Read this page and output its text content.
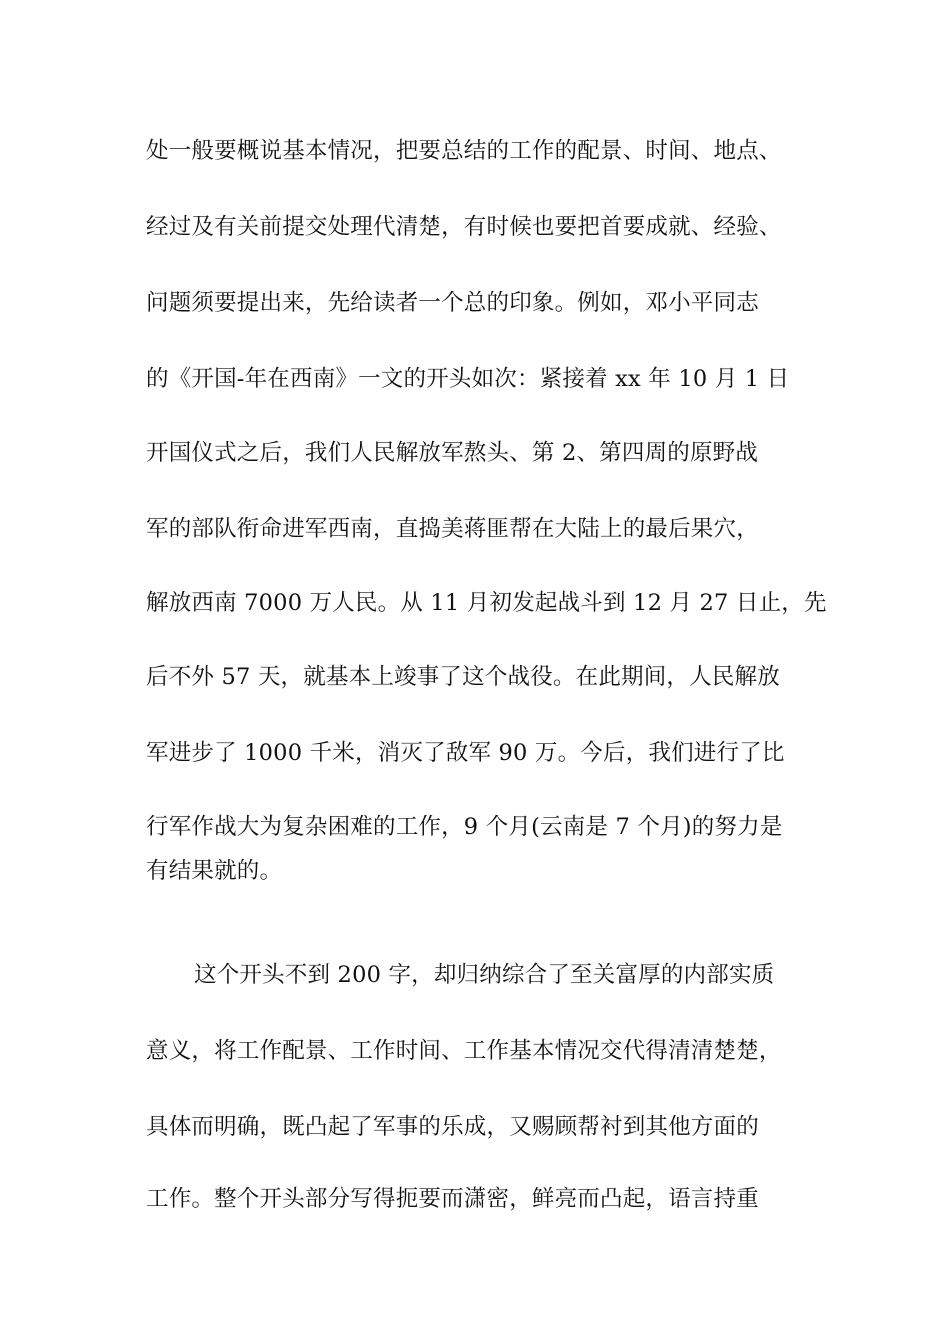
处一般要概说基本情况，把要总结的工作的配景、时间、地点、
经过及有关前提交处理代清楚，有时候也要把首要成就、经验、
问题须要提出来，先给读者一个总的印象。例如，邓小平同志
的《开国-年在西南》一文的开头如次：紧接着 xx 年 10 月 1 日
开国仪式之后，我们人民解放军熬头、第 2、第四周的原野战
军的部队衔命进军西南，直捣美蒋匪帮在大陆上的最后果穴，
解放西南 7000 万人民。从 11 月初发起战斗到 12 月 27 日止，先
后不外 57 天，就基本上竣事了这个战役。在此期间，人民解放
军进步了 1000 千米，消灭了敌军 90 万。今后，我们进行了比
行军作战大为复杂困难的工作，9 个月(云南是 7 个月)的努力是
有结果就的。
这个开头不到 200 字，却归纳综合了至关富厚的内部实质
意义，将工作配景、工作时间、工作基本情况交代得清清楚楚，
具体而明确，既凸起了军事的乐成，又赐顾帮衬到其他方面的
工作。整个开头部分写得扼要而潇密，鲜亮而凸起，语言持重
